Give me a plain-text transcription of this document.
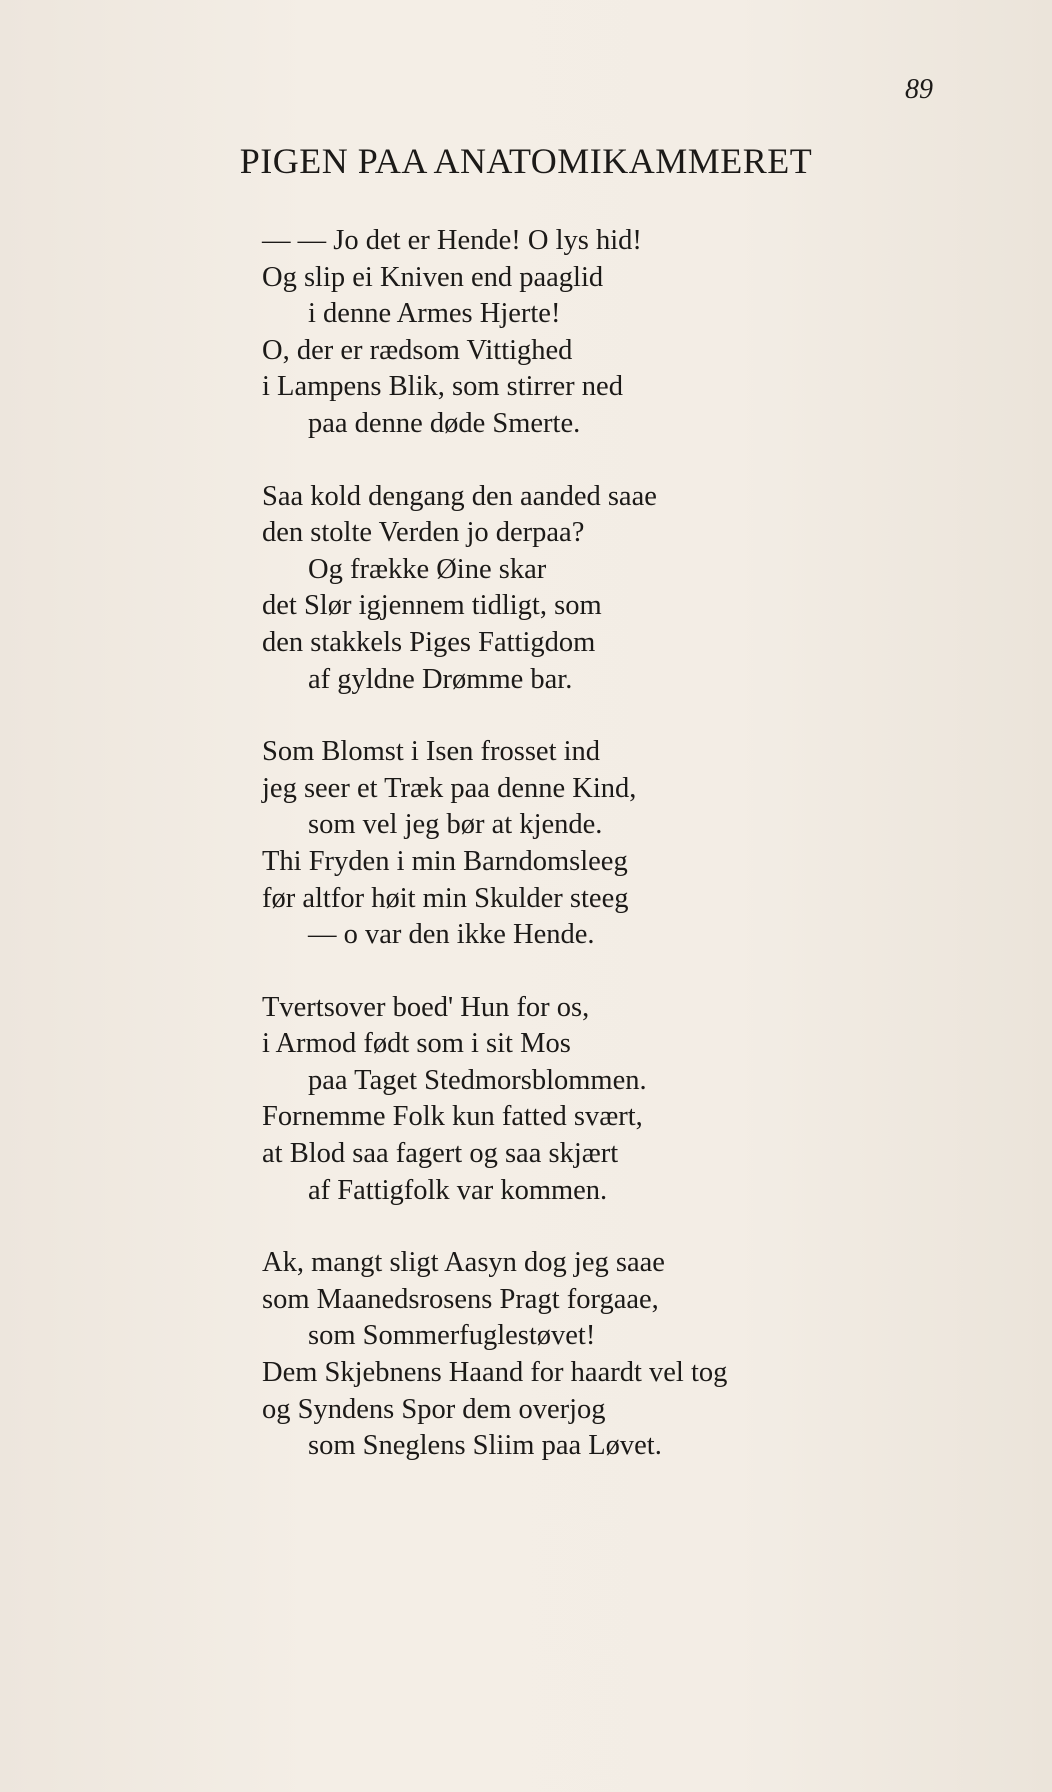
89
PIGEN PAA ANATOMIKAMMERET
— — Jo det er Hende! O lys hid!
Og slip ei Kniven end paaglid
i denne Armes Hjerte!
O, der er rædsom Vittighed
i Lampens Blik, som stirrer ned
paa denne døde Smerte.
Saa kold dengang den aanded saae
den stolte Verden jo derpaa?
Og frække Øine skar
det Slør igjennem tidligt, som
den stakkels Piges Fattigdom
af gyldne Drømme bar.
Som Blomst i Isen frosset ind
jeg seer et Træk paa denne Kind,
som vel jeg bør at kjende.
Thi Fryden i min Barndomsleeg
før altfor høit min Skulder steeg
— o var den ikke Hende.
Tvertsover boed' Hun for os,
i Armod født som i sit Mos
paa Taget Stedmorsblommen.
Fornemme Folk kun fatted svært,
at Blod saa fagert og saa skjært
af Fattigfolk var kommen.
Ak, mangt sligt Aasyn dog jeg saae
som Maanedsrosens Pragt forgaae,
som Sommerfuglestøvet!
Dem Skjebnens Haand for haardt vel tog
og Syndens Spor dem overjog
som Sneglens Sliim paa Løvet.
